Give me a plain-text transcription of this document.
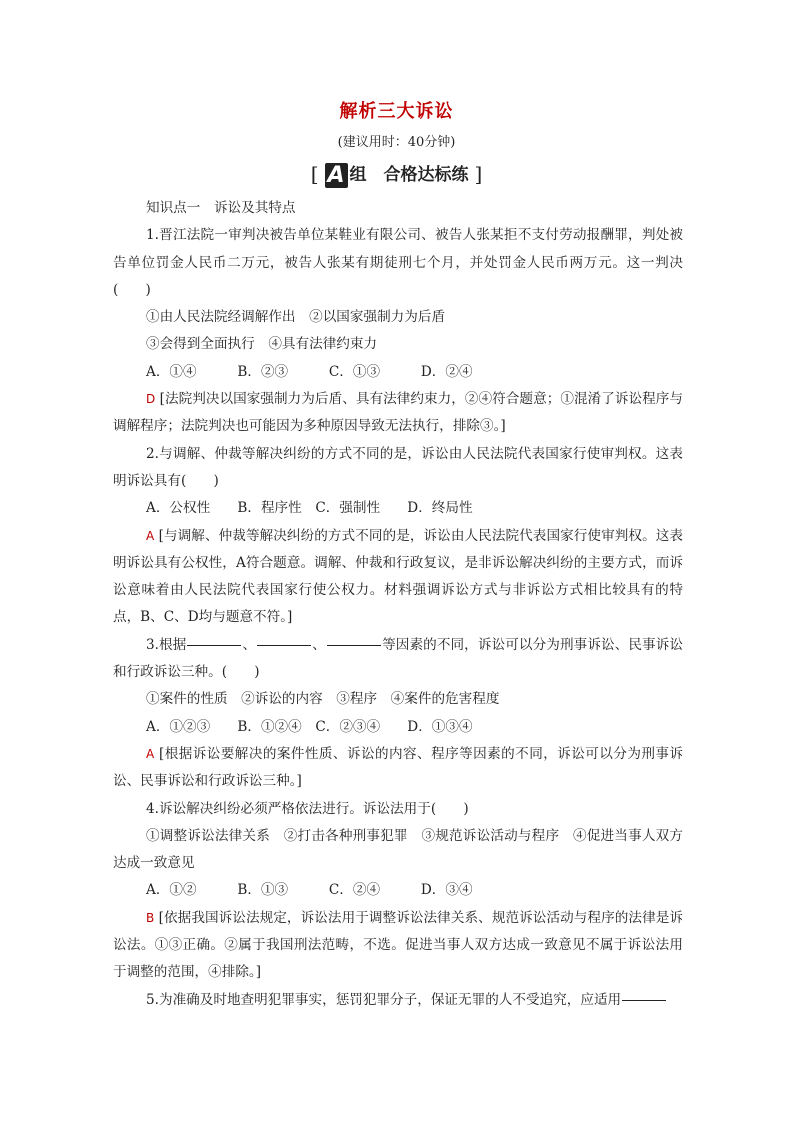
解析三大诉讼
(建议用时：40分钟)
[ A 组　合格达标练 ]

知识点一　诉讼及其特点

1.晋江法院一审判决被告单位某鞋业有限公司、被告人张某拒不支付劳动报酬罪，判处被告单位罚金人民币二万元，被告人张某有期徒刑七个月，并处罚金人民币两万元。这一判决(　　)

①由人民法院经调解作出　②以国家强制力为后盾

③会得到全面执行　④具有法律约束力

A．①④　　　B．②③　　　C．①③　　　D．②④

D [法院判决以国家强制力为后盾、具有法律约束力，②④符合题意；①混淆了诉讼程序与调解程序；法院判决也可能因为多种原因导致无法执行，排除③。]

2.与调解、仲裁等解决纠纷的方式不同的是，诉讼由人民法院代表国家行使审判权。这表明诉讼具有(　　)

A．公权性　　B．程序性　C．强制性　　D．终局性

A [与调解、仲裁等解决纠纷的方式不同的是，诉讼由人民法院代表国家行使审判权。这表明诉讼具有公权性，A符合题意。调解、仲裁和行政复议，是非诉讼解决纠纷的主要方式，而诉讼意味着由人民法院代表国家行使公权力。材料强调诉讼方式与非诉讼方式相比较具有的特点，B、C、D均与题意不符。]

3.根据	、	、	等因素的不同，诉讼可以分为刑事诉讼、民事诉讼和行政诉讼三种。(　　)

①案件的性质　②诉讼的内容　③程序　④案件的危害程度

A．①②③　　B．①②④　C．②③④　　D．①③④

A [根据诉讼要解决的案件性质、诉讼的内容、程序等因素的不同，诉讼可以分为刑事诉讼、民事诉讼和行政诉讼三种。]

4.诉讼解决纠纷必须严格依法进行。诉讼法用于(　　)

①调整诉讼法律关系　②打击各种刑事犯罪　③规范诉讼活动与程序　④促进当事人双方达成一致意见

A．①②　　　B．①③　　　C．②④　　　D．③④

B [依据我国诉讼法规定，诉讼法用于调整诉讼法律关系、规范诉讼活动与程序的法律是诉讼法。①③正确。②属于我国刑法范畴，不选。促进当事人双方达成一致意见不属于诉讼法用于调整的范围，④排除。]

5.为准确及时地查明犯罪事实，惩罚犯罪分子，保证无罪的人不受追究，应适用
